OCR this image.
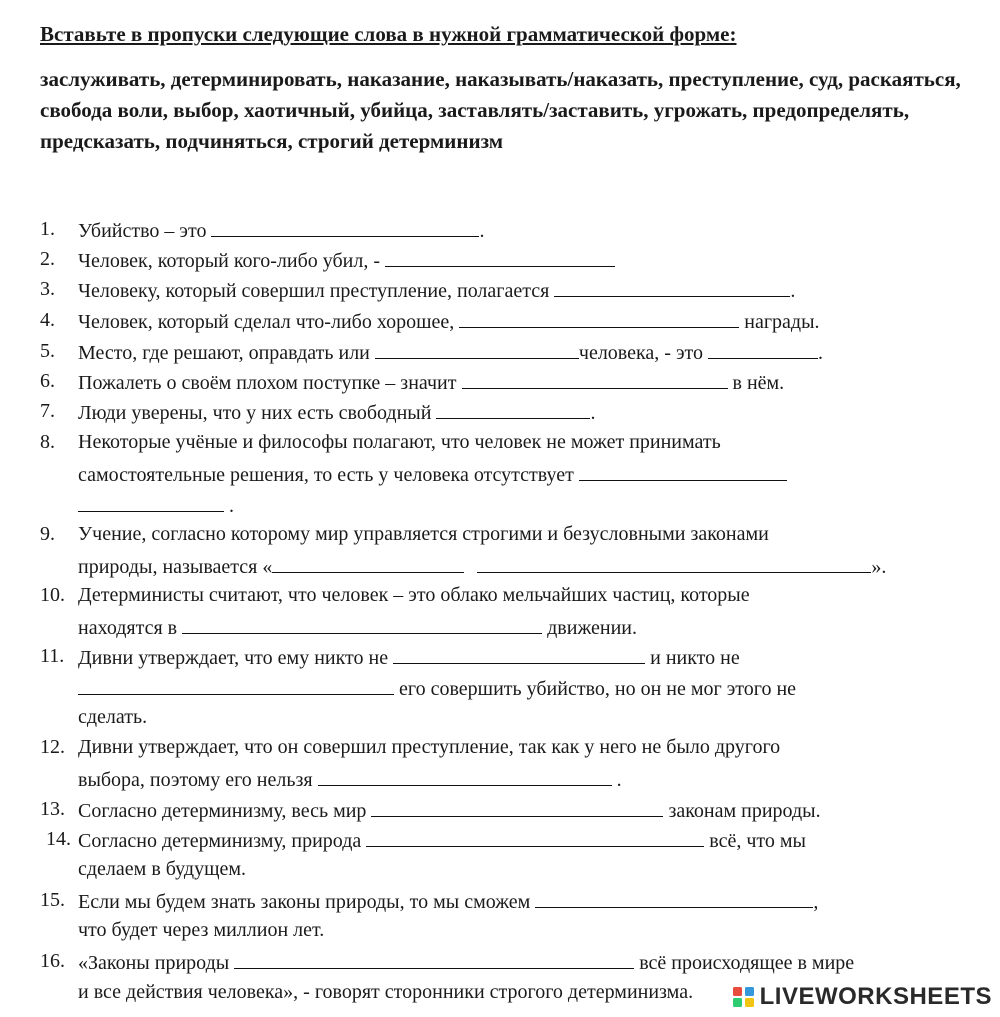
Вставьте в пропуски следующие слова в нужной грамматической форме:
заслуживать, детерминировать, наказание, наказывать/наказать, преступление, суд, раскаяться, свобода воли, выбор, хаотичный, убийца, заставлять/заставить, угрожать, предопределять, предсказать, подчиняться, строгий детерминизм
1. Убийство – это	.
2. Человек, который кого-либо убил, -
3. Человеку, который совершил преступление, полагается	.
4. Человек, который сделал что-либо хорошее,	награды.
5. Место, где решают, оправдать или	человека, - это	.
6. Пожалеть о своём плохом поступке – значит	в нём.
7. Люди уверены, что у них есть свободный	.
8. Некоторые учёные и философы полагают, что человек не может принимать
самостоятельные решения, то есть у человека отсутствует
.
9. Учение, согласно которому мир управляется строгими и безусловными законами
природы, называется «	».
10. Детерминисты считают, что человек – это облако мельчайших частиц, которые
находятся в	движении.
11. Дивни утверждает, что ему никто не	и никто не
его совершить убийство, но он не мог этого не
сделать.
12. Дивни утверждает, что он совершил преступление, так как у него не было другого
выбора, поэтому его нельзя	.
13. Согласно детерминизму, весь мир	законам природы.
14. Согласно детерминизму, природа	всё, что мы
сделаем в будущем.
15. Если мы будем знать законы природы, то мы сможем	,
что будет через миллион лет.
16. «Законы природы	всё происходящее в мире
и все действия человека», - говорят сторонники строгого детерминизма.	LIVEWORKSHEETS
